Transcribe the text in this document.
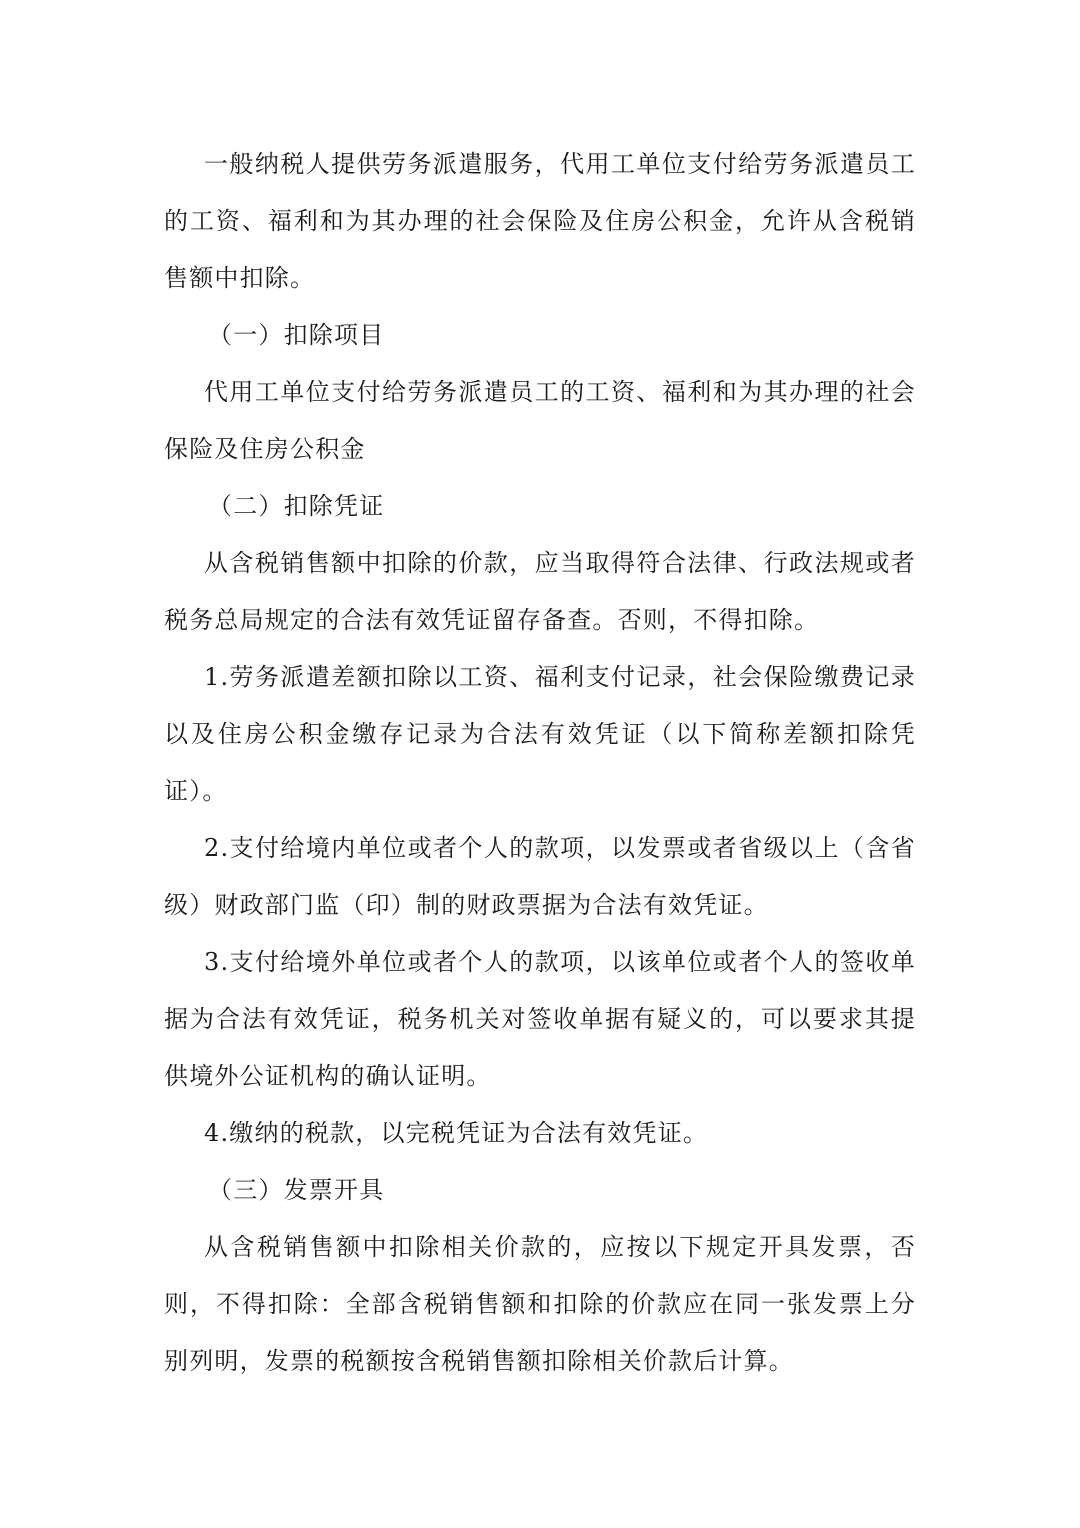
一般纳税人提供劳务派遣服务，代用工单位支付给劳务派遣员工的工资、福利和为其办理的社会保险及住房公积金，允许从含税销售额中扣除。

（一）扣除项目

代用工单位支付给劳务派遣员工的工资、福利和为其办理的社会保险及住房公积金

（二）扣除凭证

从含税销售额中扣除的价款，应当取得符合法律、行政法规或者税务总局规定的合法有效凭证留存备查。否则，不得扣除。

1.劳务派遣差额扣除以工资、福利支付记录，社会保险缴费记录以及住房公积金缴存记录为合法有效凭证（以下简称差额扣除凭证）。

2.支付给境内单位或者个人的款项，以发票或者省级以上（含省级）财政部门监（印）制的财政票据为合法有效凭证。

3.支付给境外单位或者个人的款项，以该单位或者个人的签收单据为合法有效凭证，税务机关对签收单据有疑义的，可以要求其提供境外公证机构的确认证明。

4.缴纳的税款，以完税凭证为合法有效凭证。

（三）发票开具

从含税销售额中扣除相关价款的，应按以下规定开具发票，否则，不得扣除：全部含税销售额和扣除的价款应在同一张发票上分别列明，发票的税额按含税销售额扣除相关价款后计算。
